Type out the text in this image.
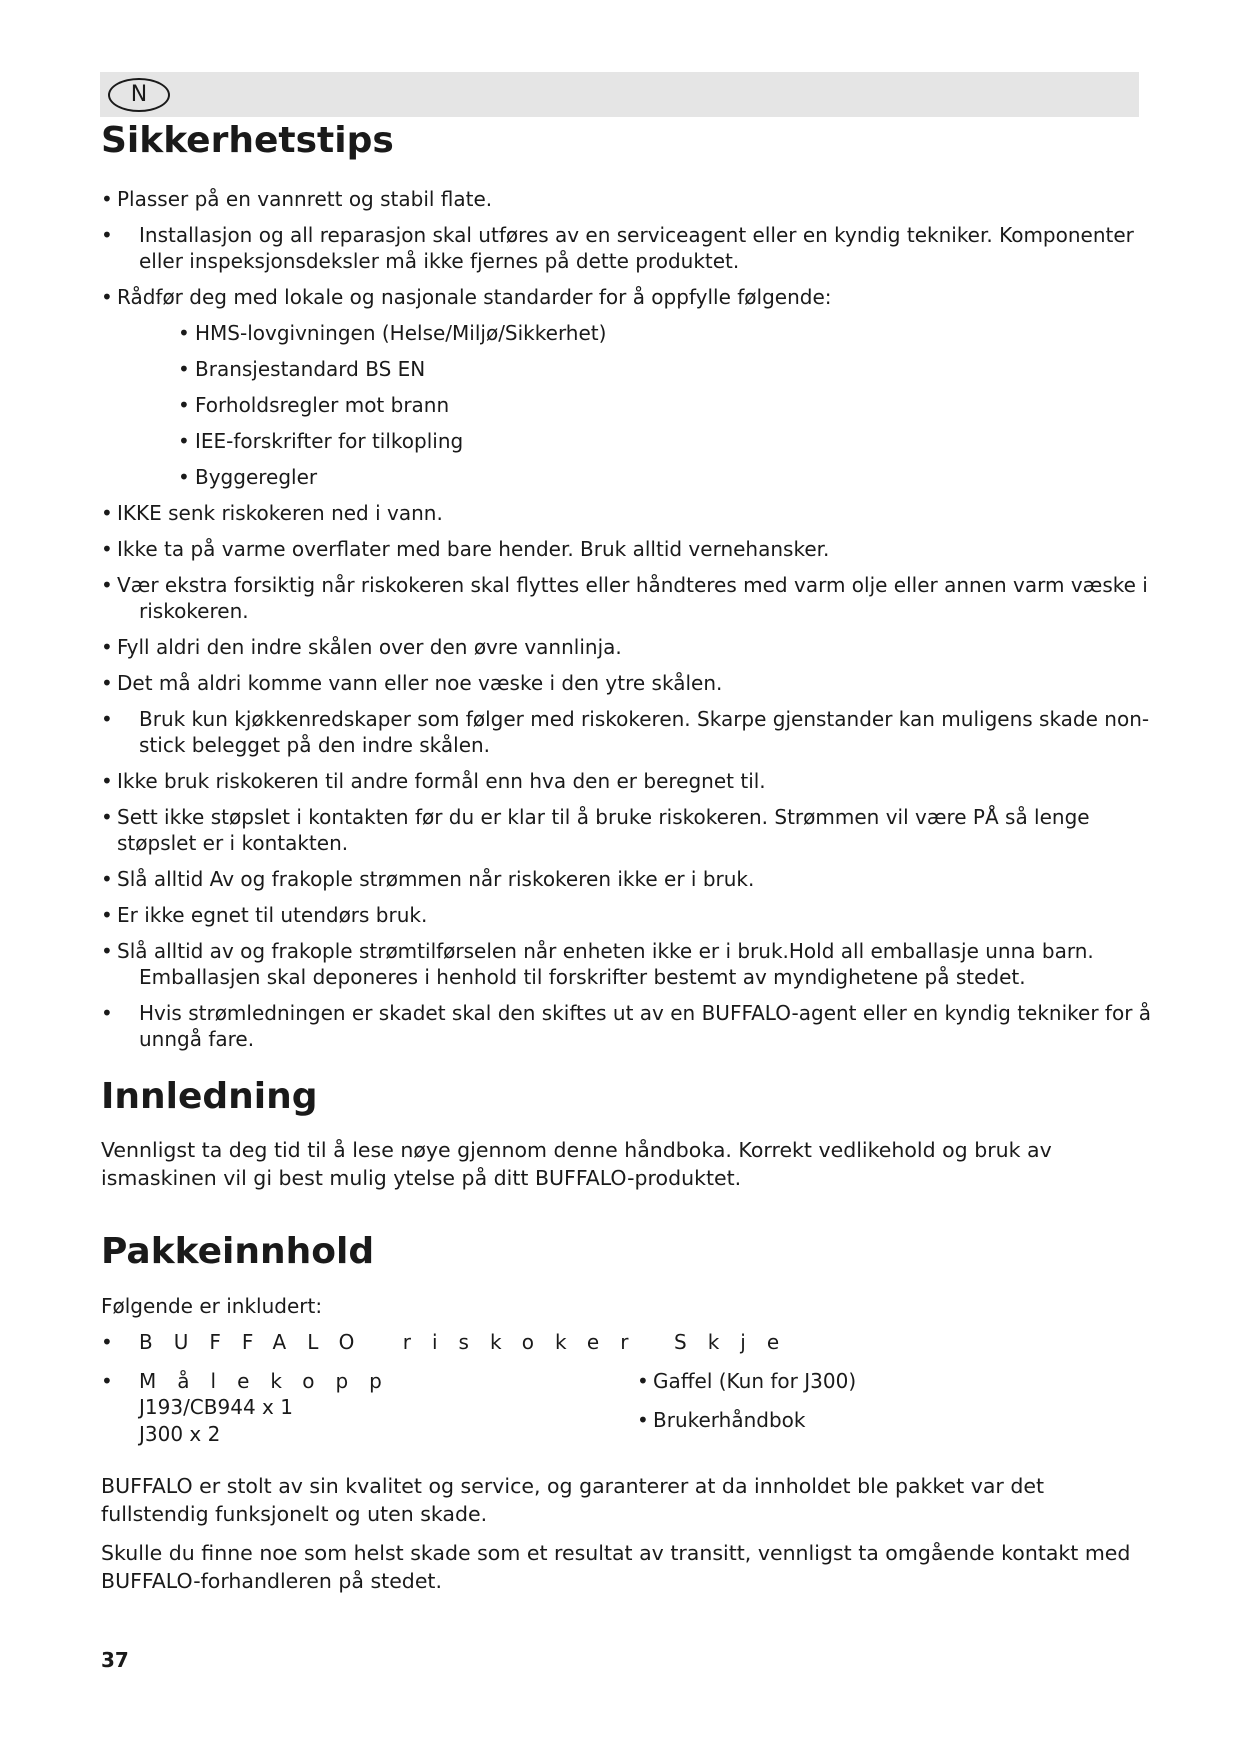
N
Sikkerhetstips
• Plasser på en vannrett og stabil flate.
• Installasjon og all reparasjon skal utføres av en serviceagent eller en kyndig tekniker. Komponenter
eller inspeksjonsdeksler må ikke fjernes på dette produktet.
• Rådfør deg med lokale og nasjonale standarder for å oppfylle følgende:
• HMS-lovgivningen (Helse/Miljø/Sikkerhet)
• Bransjestandard BS EN
• Forholdsregler mot brann
• IEE-forskrifter for tilkopling
• Byggeregler
• IKKE senk riskokeren ned i vann.
• Ikke ta på varme overflater med bare hender. Bruk alltid vernehansker.
• Vær ekstra forsiktig når riskokeren skal flyttes eller håndteres med varm olje eller annen varm væske i
riskokeren.
• Fyll aldri den indre skålen over den øvre vannlinja.
• Det må aldri komme vann eller noe væske i den ytre skålen.
• Bruk kun kjøkkenredskaper som følger med riskokeren. Skarpe gjenstander kan muligens skade non-
stick belegget på den indre skålen.
• Ikke bruk riskokeren til andre formål enn hva den er beregnet til.
• Sett ikke støpslet i kontakten før du er klar til å bruke riskokeren. Strømmen vil være PÅ så lenge
støpslet er i kontakten.
• Slå alltid Av og frakople strømmen når riskokeren ikke er i bruk.
• Er ikke egnet til utendørs bruk.
• Slå alltid av og frakople strømtilførselen når enheten ikke er i bruk.Hold all emballasje unna barn.
Emballasjen skal deponeres i henhold til forskrifter bestemt av myndighetene på stedet.
• Hvis strømledningen er skadet skal den skiftes ut av en BUFFALO-agent eller en kyndig tekniker for å
unngå fare.
Innledning
Vennligst ta deg tid til å lese nøye gjennom denne håndboka. Korrekt vedlikehold og bruk av ismaskinen vil gi best mulig ytelse på ditt BUFFALO-produktet.
Pakkeinnhold
Følgende er inkludert:
• BUFFALO riskoker Skje
• Målekopp
J193/CB944 x 1
J300 x 2
• Gaffel (Kun for J300)
• Brukerhåndbok
BUFFALO er stolt av sin kvalitet og service, og garanterer at da innholdet ble pakket var det fullstendig funksjonelt og uten skade.
Skulle du finne noe som helst skade som et resultat av transitt, vennligst ta omgående kontakt med BUFFALO-forhandleren på stedet.
37
